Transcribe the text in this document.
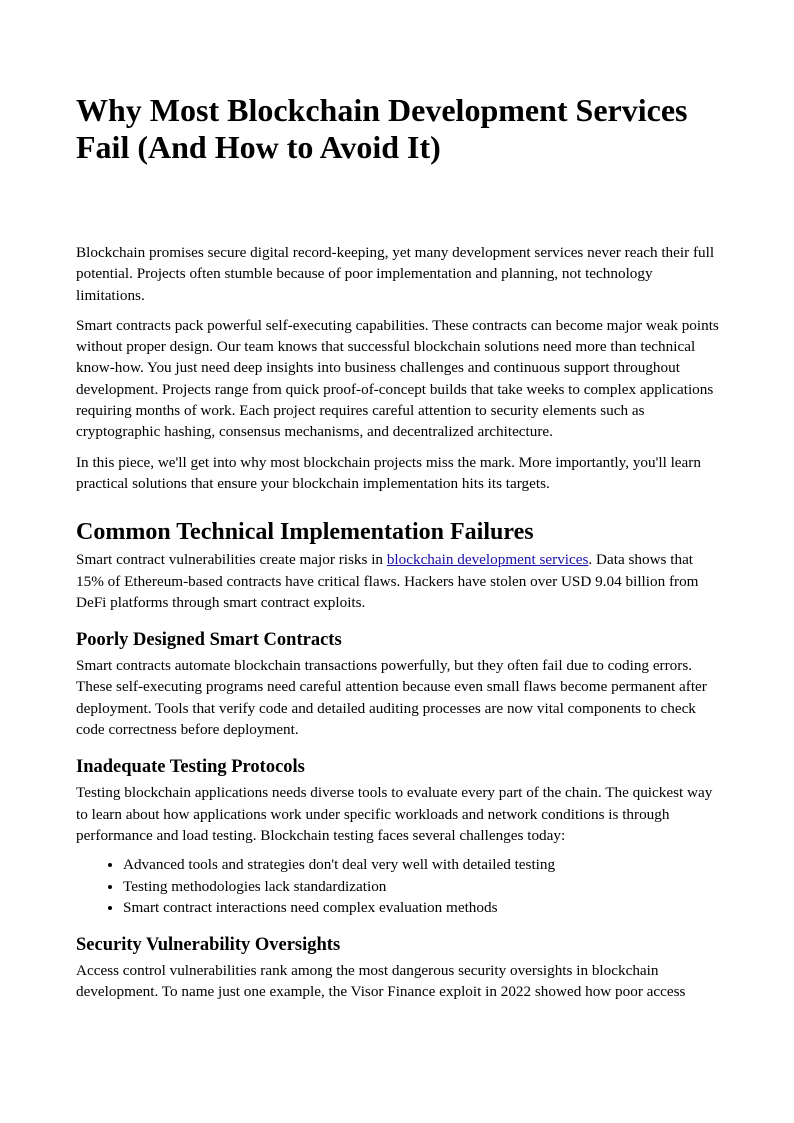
Why Most Blockchain Development Services Fail (And How to Avoid It)

Blockchain promises secure digital record-keeping, yet many development services never reach their full potential. Projects often stumble because of poor implementation and planning, not technology limitations.

Smart contracts pack powerful self-executing capabilities. These contracts can become major weak points without proper design. Our team knows that successful blockchain solutions need more than technical know-how. You just need deep insights into business challenges and continuous support throughout development. Projects range from quick proof-of-concept builds that take weeks to complex applications requiring months of work. Each project requires careful attention to security elements such as cryptographic hashing, consensus mechanisms, and decentralized architecture.

In this piece, we'll get into why most blockchain projects miss the mark. More importantly, you'll learn practical solutions that ensure your blockchain implementation hits its targets.

Common Technical Implementation Failures

Smart contract vulnerabilities create major risks in blockchain development services. Data shows that 15% of Ethereum-based contracts have critical flaws. Hackers have stolen over USD 9.04 billion from DeFi platforms through smart contract exploits.

Poorly Designed Smart Contracts

Smart contracts automate blockchain transactions powerfully, but they often fail due to coding errors. These self-executing programs need careful attention because even small flaws become permanent after deployment. Tools that verify code and detailed auditing processes are now vital components to check code correctness before deployment.

Inadequate Testing Protocols

Testing blockchain applications needs diverse tools to evaluate every part of the chain. The quickest way to learn about how applications work under specific workloads and network conditions is through performance and load testing. Blockchain testing faces several challenges today:

• Advanced tools and strategies don't deal very well with detailed testing
• Testing methodologies lack standardization
• Smart contract interactions need complex evaluation methods
Security Vulnerability Oversights

Access control vulnerabilities rank among the most dangerous security oversights in blockchain development. To name just one example, the Visor Finance exploit in 2022 showed how poor access
